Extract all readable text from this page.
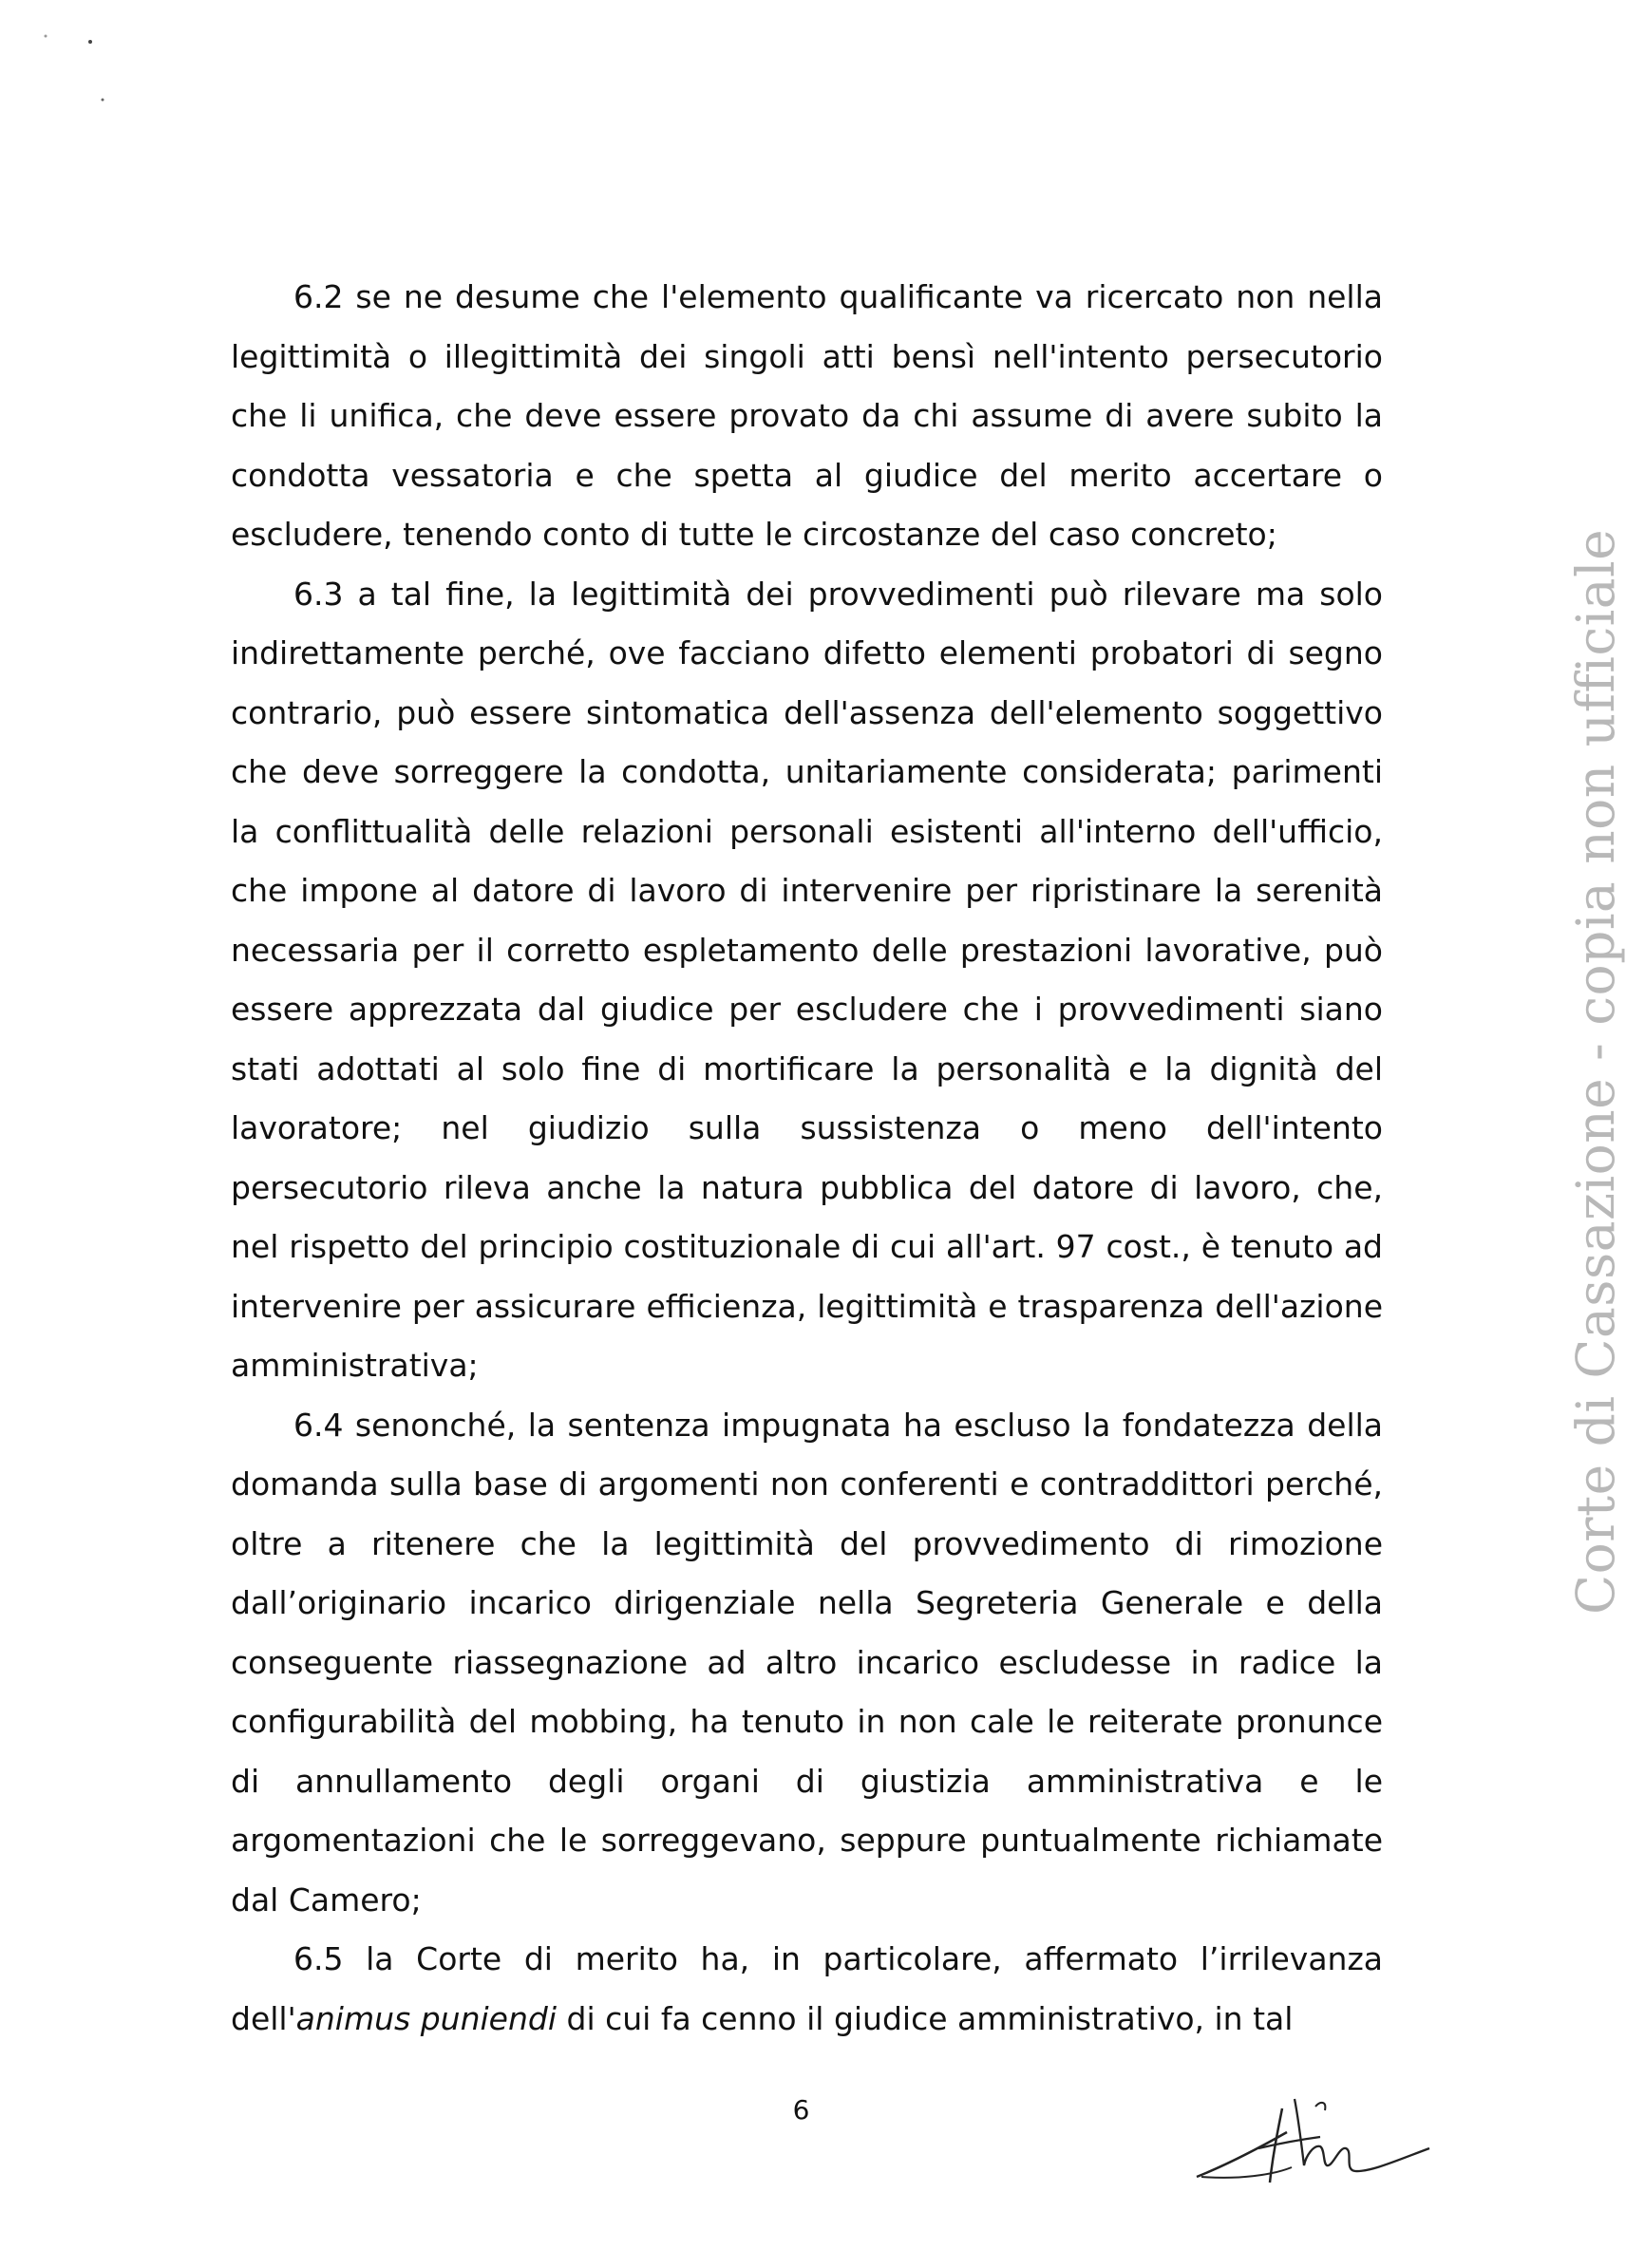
6.2 se ne desume che l'elemento qualificante va ricercato non nella legittimità o illegittimità dei singoli atti bensì nell'intento persecutorio che li unifica, che deve essere provato da chi assume di avere subito la condotta vessatoria e che spetta al giudice del merito accertare o escludere, tenendo conto di tutte le circostanze del caso concreto;

6.3 a tal fine, la legittimità dei provvedimenti può rilevare ma solo indirettamente perché, ove facciano difetto elementi probatori di segno contrario, può essere sintomatica dell'assenza dell'elemento soggettivo che deve sorreggere la condotta, unitariamente considerata; parimenti la conflittualità delle relazioni personali esistenti all'interno dell'ufficio, che impone al datore di lavoro di intervenire per ripristinare la serenità necessaria per il corretto espletamento delle prestazioni lavorative, può essere apprezzata dal giudice per escludere che i provvedimenti siano stati adottati al solo fine di mortificare la personalità e la dignità del lavoratore; nel giudizio sulla sussistenza o meno dell'intento persecutorio rileva anche la natura pubblica del datore di lavoro, che, nel rispetto del principio costituzionale di cui all'art. 97 cost., è tenuto ad intervenire per assicurare efficienza, legittimità e trasparenza dell'azione amministrativa;

6.4 senonché, la sentenza impugnata ha escluso la fondatezza della domanda sulla base di argomenti non conferenti e contraddittori perché, oltre a ritenere che la legittimità del provvedimento di rimozione dall’originario incarico dirigenziale nella Segreteria Generale e della conseguente riassegnazione ad altro incarico escludesse in radice la configurabilità del mobbing, ha tenuto in non cale le reiterate pronunce di annullamento degli organi di giustizia amministrativa e le argomentazioni che le sorreggevano, seppure puntualmente richiamate dal Camero;

6.5 la Corte di merito ha, in particolare, affermato l’irrilevanza dell'animus puniendi di cui fa cenno il giudice amministrativo, in tal

Corte di Cassazione - copia non ufficiale
6
